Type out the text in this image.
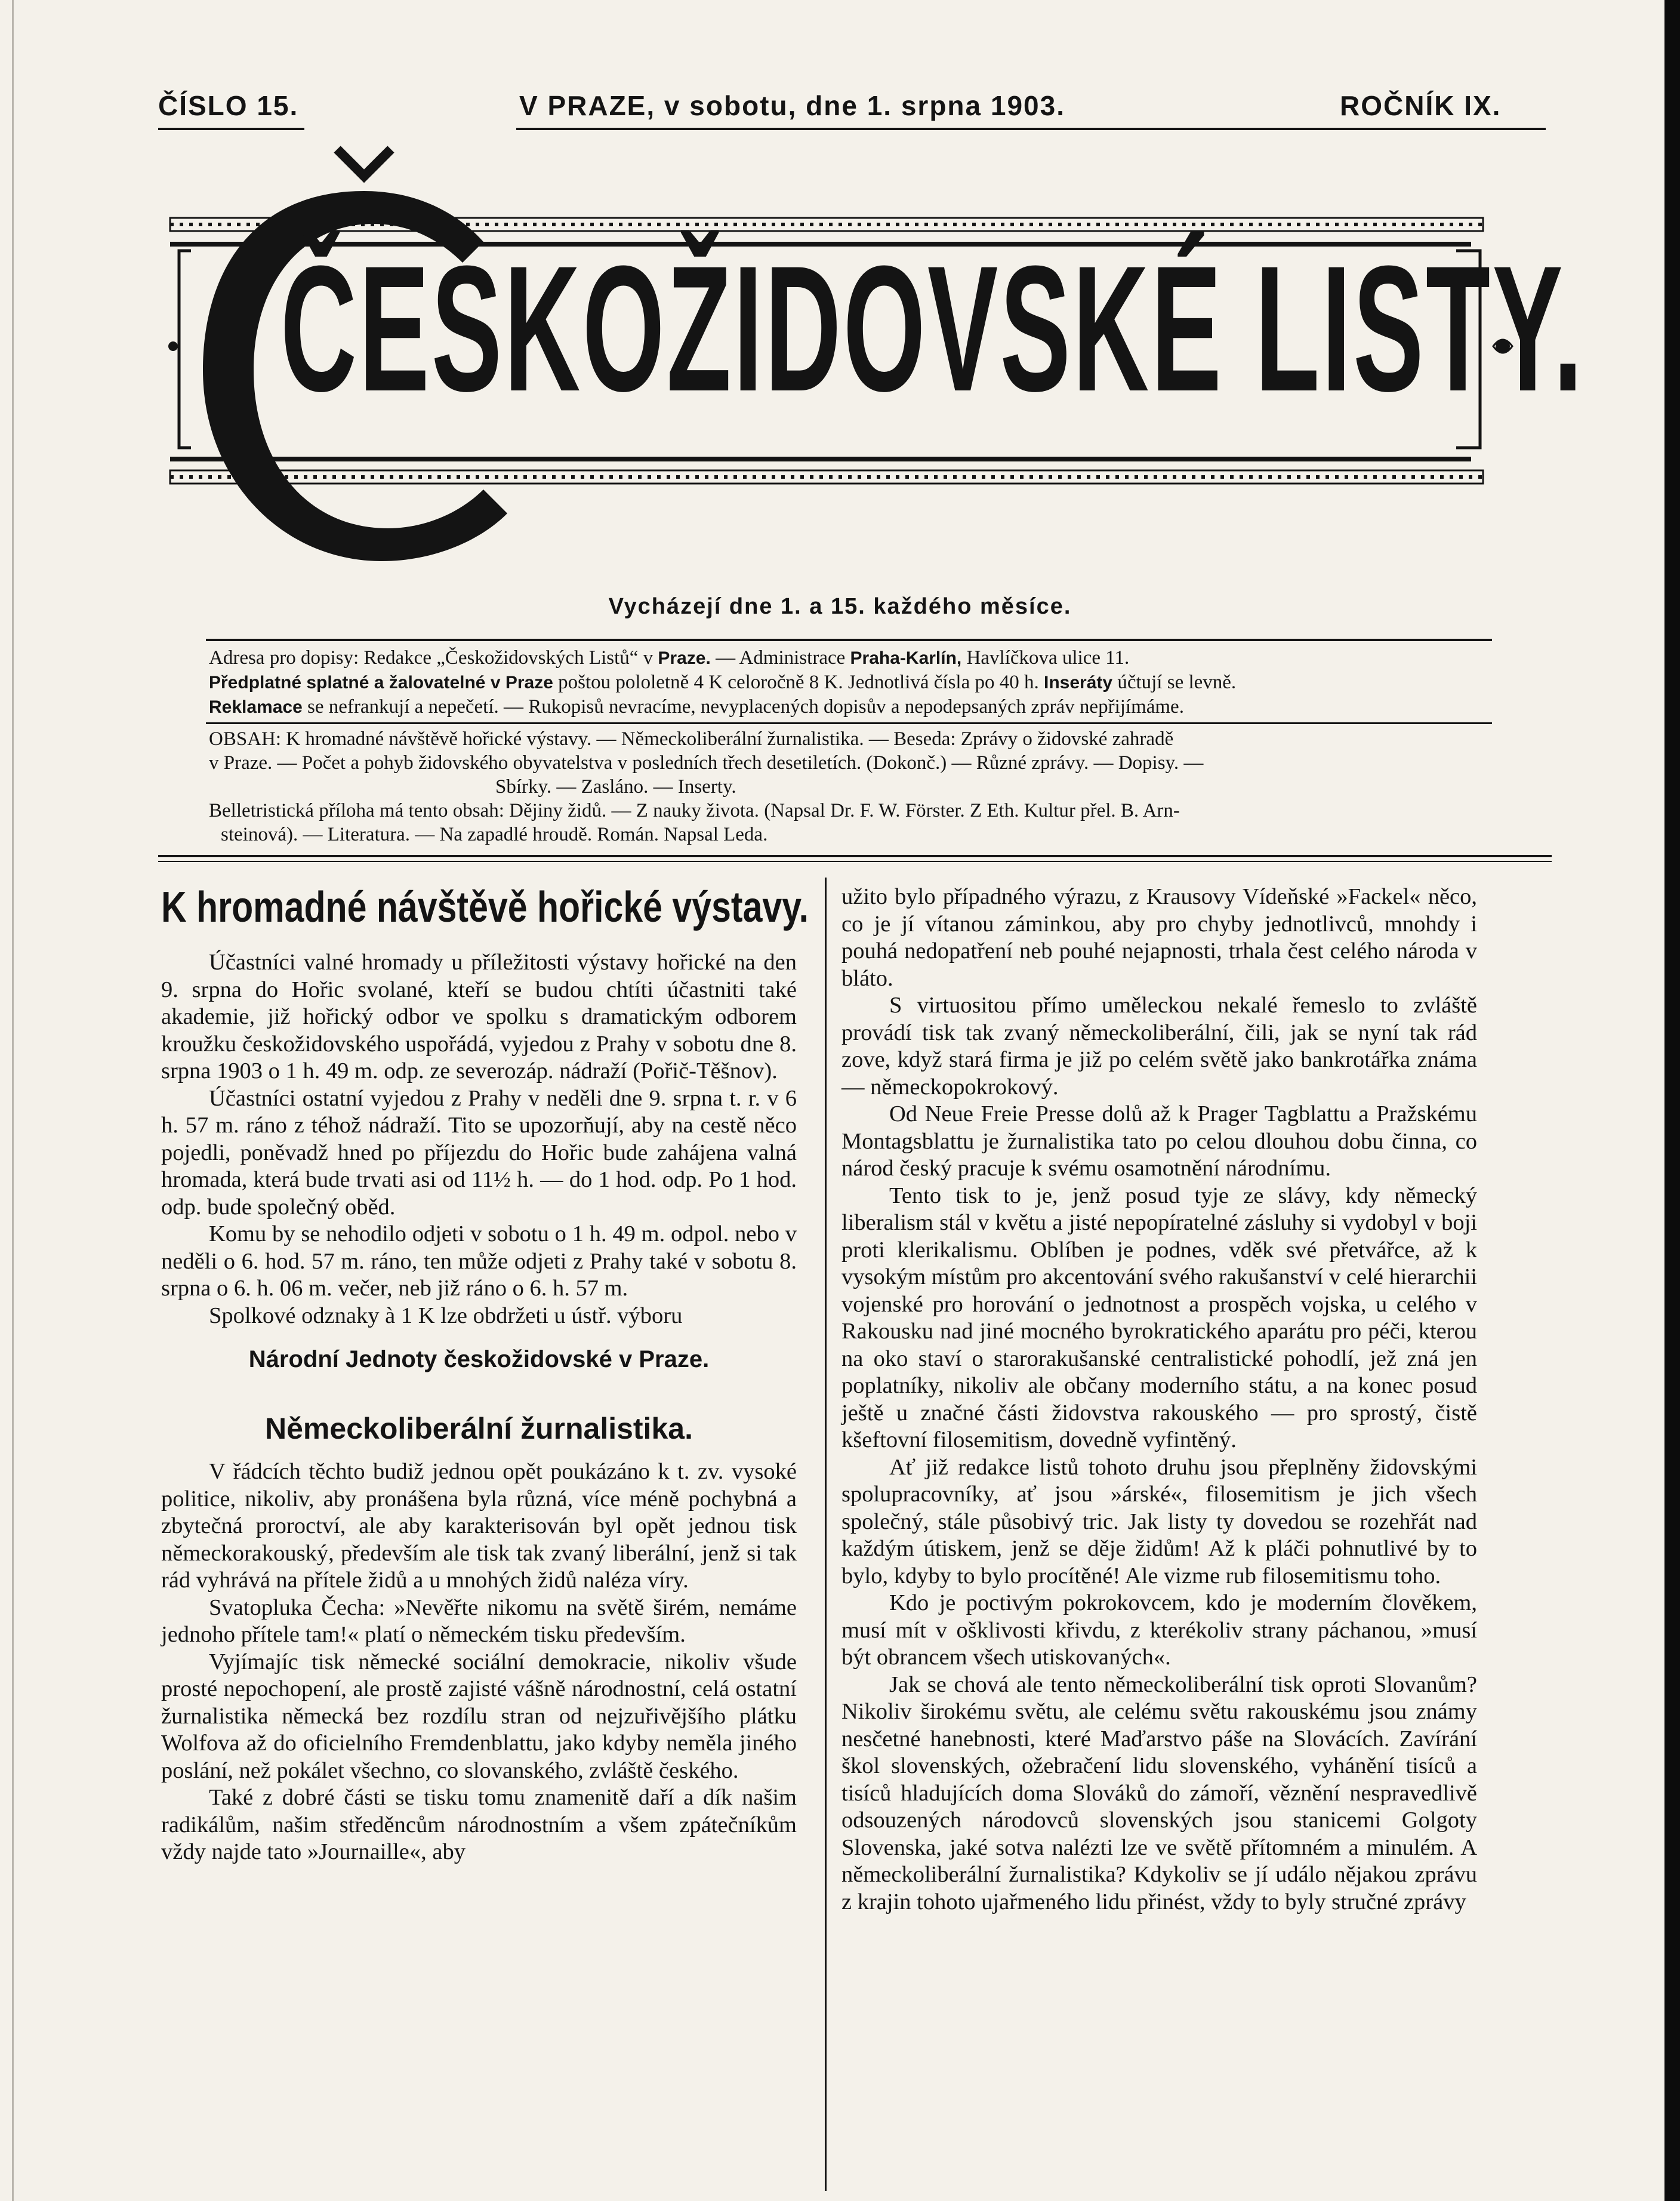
ČÍSLO 15.	V PRAZE, v sobotu, dne 1. srpna 1903.	ROČNÍK IX.
ČESKOŽIDOVSKÉ LISTY.
Vycházejí dne 1. a 15. každého měsíce.
Adresa pro dopisy: Redakce „Českožidovských Listů“ v Praze. — Administrace Praha-Karlín, Havlíčkova ulice 11.
Předplatné splatné a žalovatelné v Praze poštou pololetně 4 K celoročně 8 K. Jednotlivá čísla po 40 h. Inseráty účtují se levně.
Reklamace se nefrankují a nepečetí. — Rukopisů nevracíme, nevyplacených dopisův a nepodepsaných zpráv nepřijímáme.

OBSAH: K hromadné návštěvě hořické výstavy. — Německoliberální žurnalistika. — Beseda: Zprávy o židovské zahradě

v Praze. — Počet a pohyb židovského obyvatelstva v posledních třech desetiletích. (Dokonč.) — Různé zprávy. — Dopisy. —

Sbírky. — Zasláno. — Inserty.

Belletristická příloha má tento obsah: Dějiny židů. — Z nauky života. (Napsal Dr. F. W. Förster. Z Eth. Kultur přel. B. Arn-

steinová). — Literatura. — Na zapadlé hroudě. Román. Napsal Leda.

K hromadné návštěvě hořické výstavy.

Účastníci valné hromady u příležitosti výstavy hořické na den 9. srpna do Hořic svolané, kteří se budou chtíti účastniti také akademie, již hořický odbor ve spolku s dramatickým odborem kroužku českožidovského uspořádá, vyjedou z Prahy v sobotu dne 8. srpna 1903 o 1 h. 49 m. odp. ze severozáp. nádraží (Pořič-Těšnov).

Účastníci ostatní vyjedou z Prahy v neděli dne 9. srpna t. r. v 6 h. 57 m. ráno z téhož nádraží. Tito se upozorňují, aby na cestě něco pojedli, poněvadž hned po příjezdu do Hořic bude zahájena valná hromada, která bude trvati asi od 11½ h. — do 1 hod. odp. Po 1 hod. odp. bude společný oběd.

Komu by se nehodilo odjeti v sobotu o 1 h. 49 m. odpol. nebo v neděli o 6. hod. 57 m. ráno, ten může odjeti z Prahy také v sobotu 8. srpna o 6. h. 06 m. večer, neb již ráno o 6. h. 57 m.

Spolkové odznaky à 1 K lze obdržeti u ústř. výboru

Národní Jednoty českožidovské v Praze.
Německoliberální žurnalistika.

V řádcích těchto budiž jednou opět poukázáno k t. zv. vysoké politice, nikoliv, aby pronášena byla různá, více méně pochybná a zbytečná proroctví, ale aby karakterisován byl opět jednou tisk německorakouský, především ale tisk tak zvaný liberální, jenž si tak rád vyhrává na přítele židů a u mnohých židů naléza víry.

Svatopluka Čecha: »Nevěřte nikomu na světě širém, nemáme jednoho přítele tam!« platí o německém tisku především.

Vyjímajíc tisk německé sociální demokracie, nikoliv všude prosté nepochopení, ale prostě zajisté vášně národnostní, celá ostatní žurnalistika německá bez rozdílu stran od nejzuřivějšího plátku Wolfova až do oficielního Fremdenblattu, jako kdyby neměla jiného poslání, než pokálet všechno, co slovanského, zvláště českého.

Také z dobré části se tisku tomu znamenitě daří a dík našim radikálům, našim středěncům národnostním a všem zpátečníkům vždy najde tato »Journaille«, aby

užito bylo případného výrazu, z Krausovy Vídeňské »Fackel« něco, co je jí vítanou záminkou, aby pro chyby jednotlivců, mnohdy i pouhá nedopatření neb pouhé nejapnosti, trhala čest celého národa v bláto.

S virtuositou přímo uměleckou nekalé řemeslo to zvláště provádí tisk tak zvaný německoliberální, čili, jak se nyní tak rád zove, když stará firma je již po celém světě jako bankrotářka známa — německopokrokový.

Od Neue Freie Presse dolů až k Prager Tagblattu a Pražskému Montagsblattu je žurnalistika tato po celou dlouhou dobu činna, co národ český pracuje k svému osamotnění národnímu.

Tento tisk to je, jenž posud tyje ze slávy, kdy německý liberalism stál v květu a jisté nepopíratelné zásluhy si vydobyl v boji proti klerikalismu. Oblíben je podnes, vděk své přetvářce, až k vysokým místům pro akcentování svého rakušanství v celé hierarchii vojenské pro horování o jednotnost a prospěch vojska, u celého v Rakousku nad jiné mocného byrokratického aparátu pro péči, kterou na oko staví o starorakušanské centralistické pohodlí, jež zná jen poplatníky, nikoliv ale občany moderního státu, a na konec posud ještě u značné části židovstva rakouského — pro sprostý, čistě kšeftovní filosemitism, dovedně vyfintěný.

Ať již redakce listů tohoto druhu jsou přeplněny židovskými spolupracovníky, ať jsou »árské«, filosemitism je jich všech společný, stále působivý tric. Jak listy ty dovedou se rozehřát nad každým útiskem, jenž se děje židům! Až k pláči pohnutlivé by to bylo, kdyby to bylo procítěné! Ale vizme rub filosemitismu toho.

Kdo je poctivým pokrokovcem, kdo je moderním člověkem, musí mít v ošklivosti křivdu, z kterékoliv strany páchanou, »musí být obrancem všech utiskovaných«.

Jak se chová ale tento německoliberální tisk oproti Slovanům? Nikoliv širokému světu, ale celému světu rakouskému jsou známy nesčetné hanebnosti, které Maďarstvo páše na Slovácích. Zavírání škol slovenských, ožebračení lidu slovenského, vyhánění tisíců a tisíců hladujících doma Slováků do zámoří, věznění nespravedlivě odsouzených národovců slovenských jsou stanicemi Golgoty Slovenska, jaké sotva nalézti lze ve světě přítomném a minulém. A německoliberální žurnalistika? Kdykoliv se jí událo nějakou zprávu z krajin tohoto ujařmeného lidu přinést, vždy to byly stručné zprávy
